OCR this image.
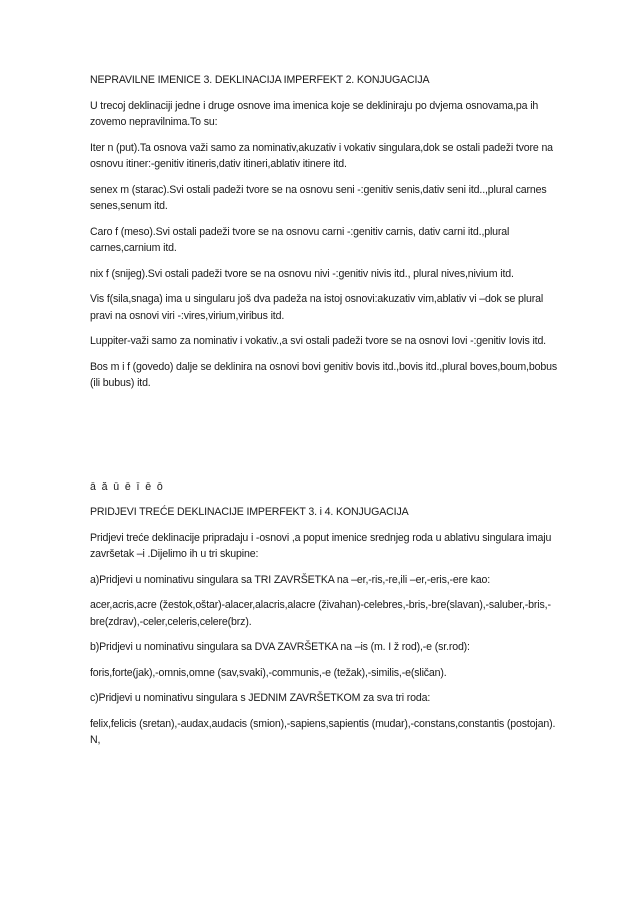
NEPRAVILNE IMENICE 3. DEKLINACIJA IMPERFEKT 2. KONJUGACIJA

U trecoj deklinaciji jedne i druge osnove ima imenica koje se dekliniraju po dvjema osnovama,pa ih zovemo nepravilnima.To su:

Iter n (put).Ta osnova važi samo za nominativ,akuzativ i vokativ singulara,dok se ostali padeži tvore na osnovu itiner:-genitiv itineris,dativ itineri,ablativ itinere itd.

senex m (starac).Svi ostali padeži tvore se na osnovu seni -:genitiv senis,dativ seni itd..,plural carnes senes,senum itd.

Caro f (meso).Svi ostali padeži tvore se na osnovu carni -:genitiv carnis, dativ carni itd.,plural carnes,carnium itd.

nix f (snijeg).Svi ostali padeži tvore se na osnovu nivi -:genitiv nivis itd., plural nives,nivium itd.

Vis f(sila,snaga) ima u singularu još dva padeža na istoj osnovi:akuzativ vim,ablativ vi –dok se plural pravi na osnovi viri -:vires,virium,viribus itd.

Luppiter-važi samo za nominativ i vokativ.,a svi ostali padeži tvore se na osnovi Iovi -:genitiv Iovis itd.

Bos m i f (govedo) dalje se deklinira na osnovi bovi genitiv bovis itd.,bovis itd.,plural boves,boum,bobus (ili bubus) itd.

ā ă ū ē ī ē ō

PRIDJEVI TREĆE DEKLINACIJE IMPERFEKT 3. i 4. KONJUGACIJA

Pridjevi treće deklinacije pripradaju i -osnovi ,a poput imenice srednjeg roda u ablativu singulara imaju završetak –i .Dijelimo ih u tri skupine:

a)Pridjevi u nominativu singulara sa TRI ZAVRŠETKA na –er,-ris,-re,ili –er,-eris,-ere kao:

acer,acris,acre (žestok,oštar)-alacer,alacris,alacre (živahan)-celebres,-bris,-bre(slavan),-saluber,-bris,-bre(zdrav),-celer,celeris,celere(brz).

b)Pridjevi u nominativu singulara sa DVA ZAVRŠETKA na –is (m. I ž rod),-e (sr.rod):

foris,forte(jak),-omnis,omne (sav,svaki),-communis,-e (težak),-similis,-e(sličan).

c)Pridjevi u nominativu singulara s JEDNIM ZAVRŠETKOM za sva tri roda:

felix,felicis (sretan),-audax,audacis (smion),-sapiens,sapientis (mudar),-constans,constantis (postojan). N,
